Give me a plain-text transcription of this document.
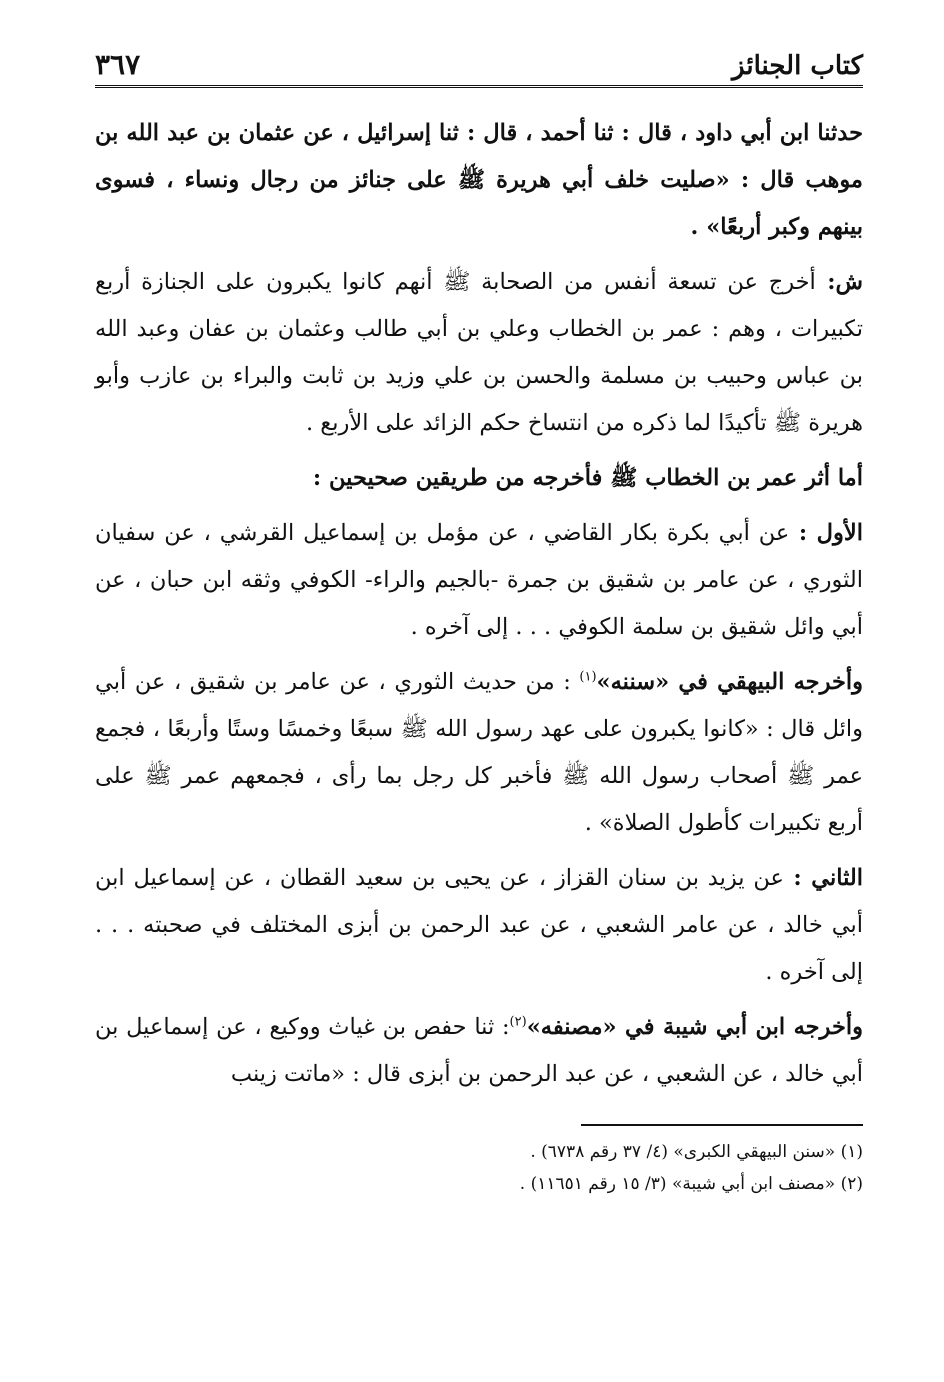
كتاب الجنائز
٣٦٧

حدثنا ابن أبي داود ، قال : ثنا أحمد ، قال : ثنا إسرائيل ، عن عثمان بن عبد الله بن موهب قال : «صليت خلف أبي هريرة ﷺ على جنائز من رجال ونساء ، فسوى بينهم وكبر أربعًا» .

ش: أخرج عن تسعة أنفس من الصحابة ﷺ أنهم كانوا يكبرون على الجنازة أربع تكبيرات ، وهم : عمر بن الخطاب وعلي بن أبي طالب وعثمان بن عفان وعبد الله بن عباس وحبيب بن مسلمة والحسن بن علي وزيد بن ثابت والبراء بن عازب وأبو هريرة ﷺ تأكيدًا لما ذكره من انتساخ حكم الزائد على الأربع .

أما أثر عمر بن الخطاب ﷺ فأخرجه من طريقين صحيحين :

الأول : عن أبي بكرة بكار القاضي ، عن مؤمل بن إسماعيل القرشي ، عن سفيان الثوري ، عن عامر بن شقيق بن جمرة -بالجيم والراء- الكوفي وثقه ابن حبان ، عن أبي وائل شقيق بن سلمة الكوفي . . . إلى آخره .

وأخرجه البيهقي في «سننه»$^{(١)}$ : من حديث الثوري ، عن عامر بن شقيق ، عن أبي وائل قال : «كانوا يكبرون على عهد رسول الله ﷺ سبعًا وخمسًا وستًا وأربعًا ، فجمع عمر ﷺ أصحاب رسول الله ﷺ فأخبر كل رجل بما رأى ، فجمعهم عمر ﷺ على أربع تكبيرات كأطول الصلاة» .

الثاني : عن يزيد بن سنان القزاز ، عن يحيى بن سعيد القطان ، عن إسماعيل ابن أبي خالد ، عن عامر الشعبي ، عن عبد الرحمن بن أبزى المختلف في صحبته . . . إلى آخره .

وأخرجه ابن أبي شيبة في «مصنفه»$^{(٢)}$: ثنا حفص بن غياث ووكيع ، عن إسماعيل بن أبي خالد ، عن الشعبي ، عن عبد الرحمن بن أبزى قال : «ماتت زينب

(١) «سنن البيهقي الكبرى» (٤/ ٣٧ رقم ٦٧٣٨) .

(٢) «مصنف ابن أبي شيبة» (٣/ ١٥ رقم ١١٦٥١) .
